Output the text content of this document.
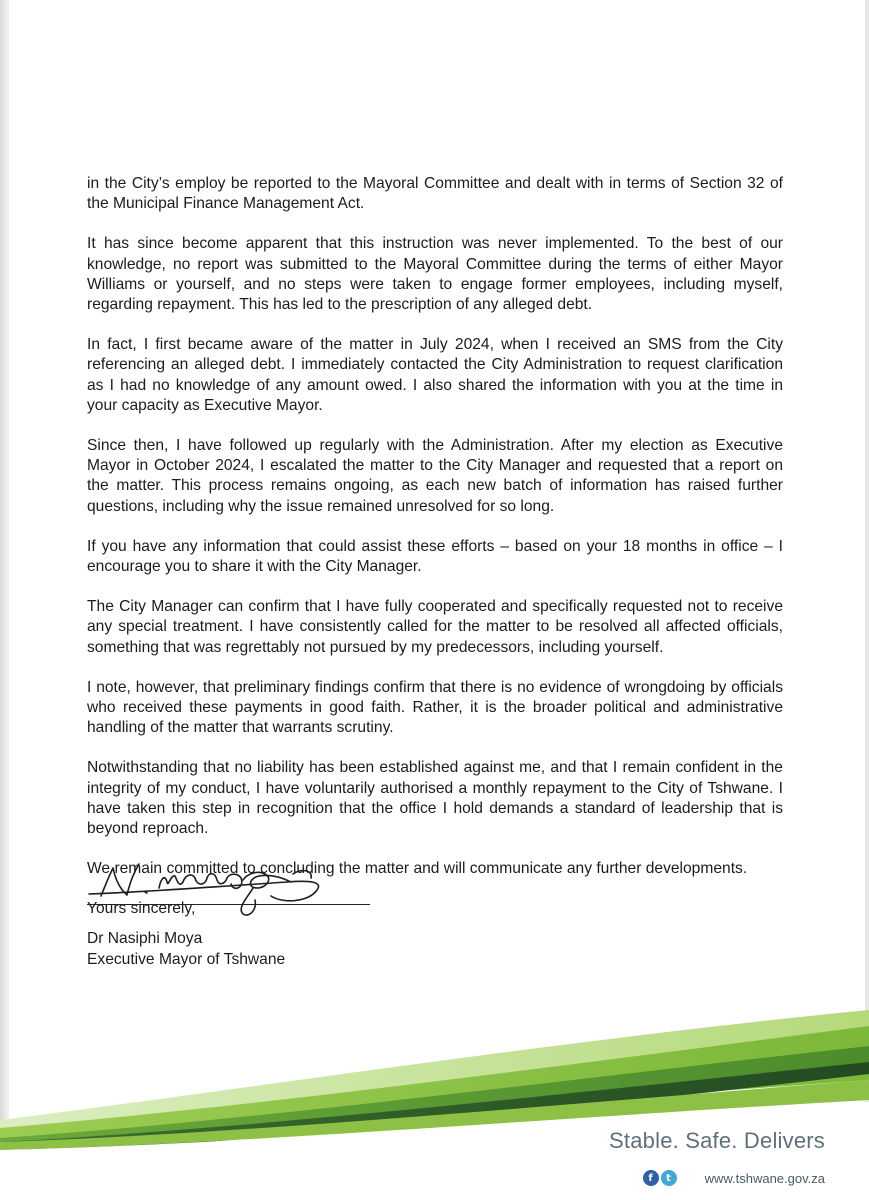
in the City’s employ be reported to the Mayoral Committee and dealt with in terms of Section 32 of the Municipal Finance Management Act.

It has since become apparent that this instruction was never implemented. To the best of our knowledge, no report was submitted to the Mayoral Committee during the terms of either Mayor Williams or yourself, and no steps were taken to engage former employees, including myself, regarding repayment. This has led to the prescription of any alleged debt.

In fact, I first became aware of the matter in July 2024, when I received an SMS from the City referencing an alleged debt. I immediately contacted the City Administration to request clarification as I had no knowledge of any amount owed. I also shared the information with you at the time in your capacity as Executive Mayor.

Since then, I have followed up regularly with the Administration. After my election as Executive Mayor in October 2024, I escalated the matter to the City Manager and requested that a report on the matter. This process remains ongoing, as each new batch of information has raised further questions, including why the issue remained unresolved for so long.

If you have any information that could assist these efforts – based on your 18 months in office – I encourage you to share it with the City Manager.

The City Manager can confirm that I have fully cooperated and specifically requested not to receive any special treatment. I have consistently called for the matter to be resolved all affected officials, something that was regrettably not pursued by my predecessors, including yourself.

I note, however, that preliminary findings confirm that there is no evidence of wrongdoing by officials who received these payments in good faith. Rather, it is the broader political and administrative handling of the matter that warrants scrutiny.

Notwithstanding that no liability has been established against me, and that I remain confident in the integrity of my conduct, I have voluntarily authorised a monthly repayment to the City of Tshwane. I have taken this step in recognition that the office I hold demands a standard of leadership that is beyond reproach.

We remain committed to concluding the matter and will communicate any further developments.

Yours sincerely,

Dr Nasiphi Moya
Executive Mayor of Tshwane
Stable. Safe. Delivers
f	t	www.tshwane.gov.za
